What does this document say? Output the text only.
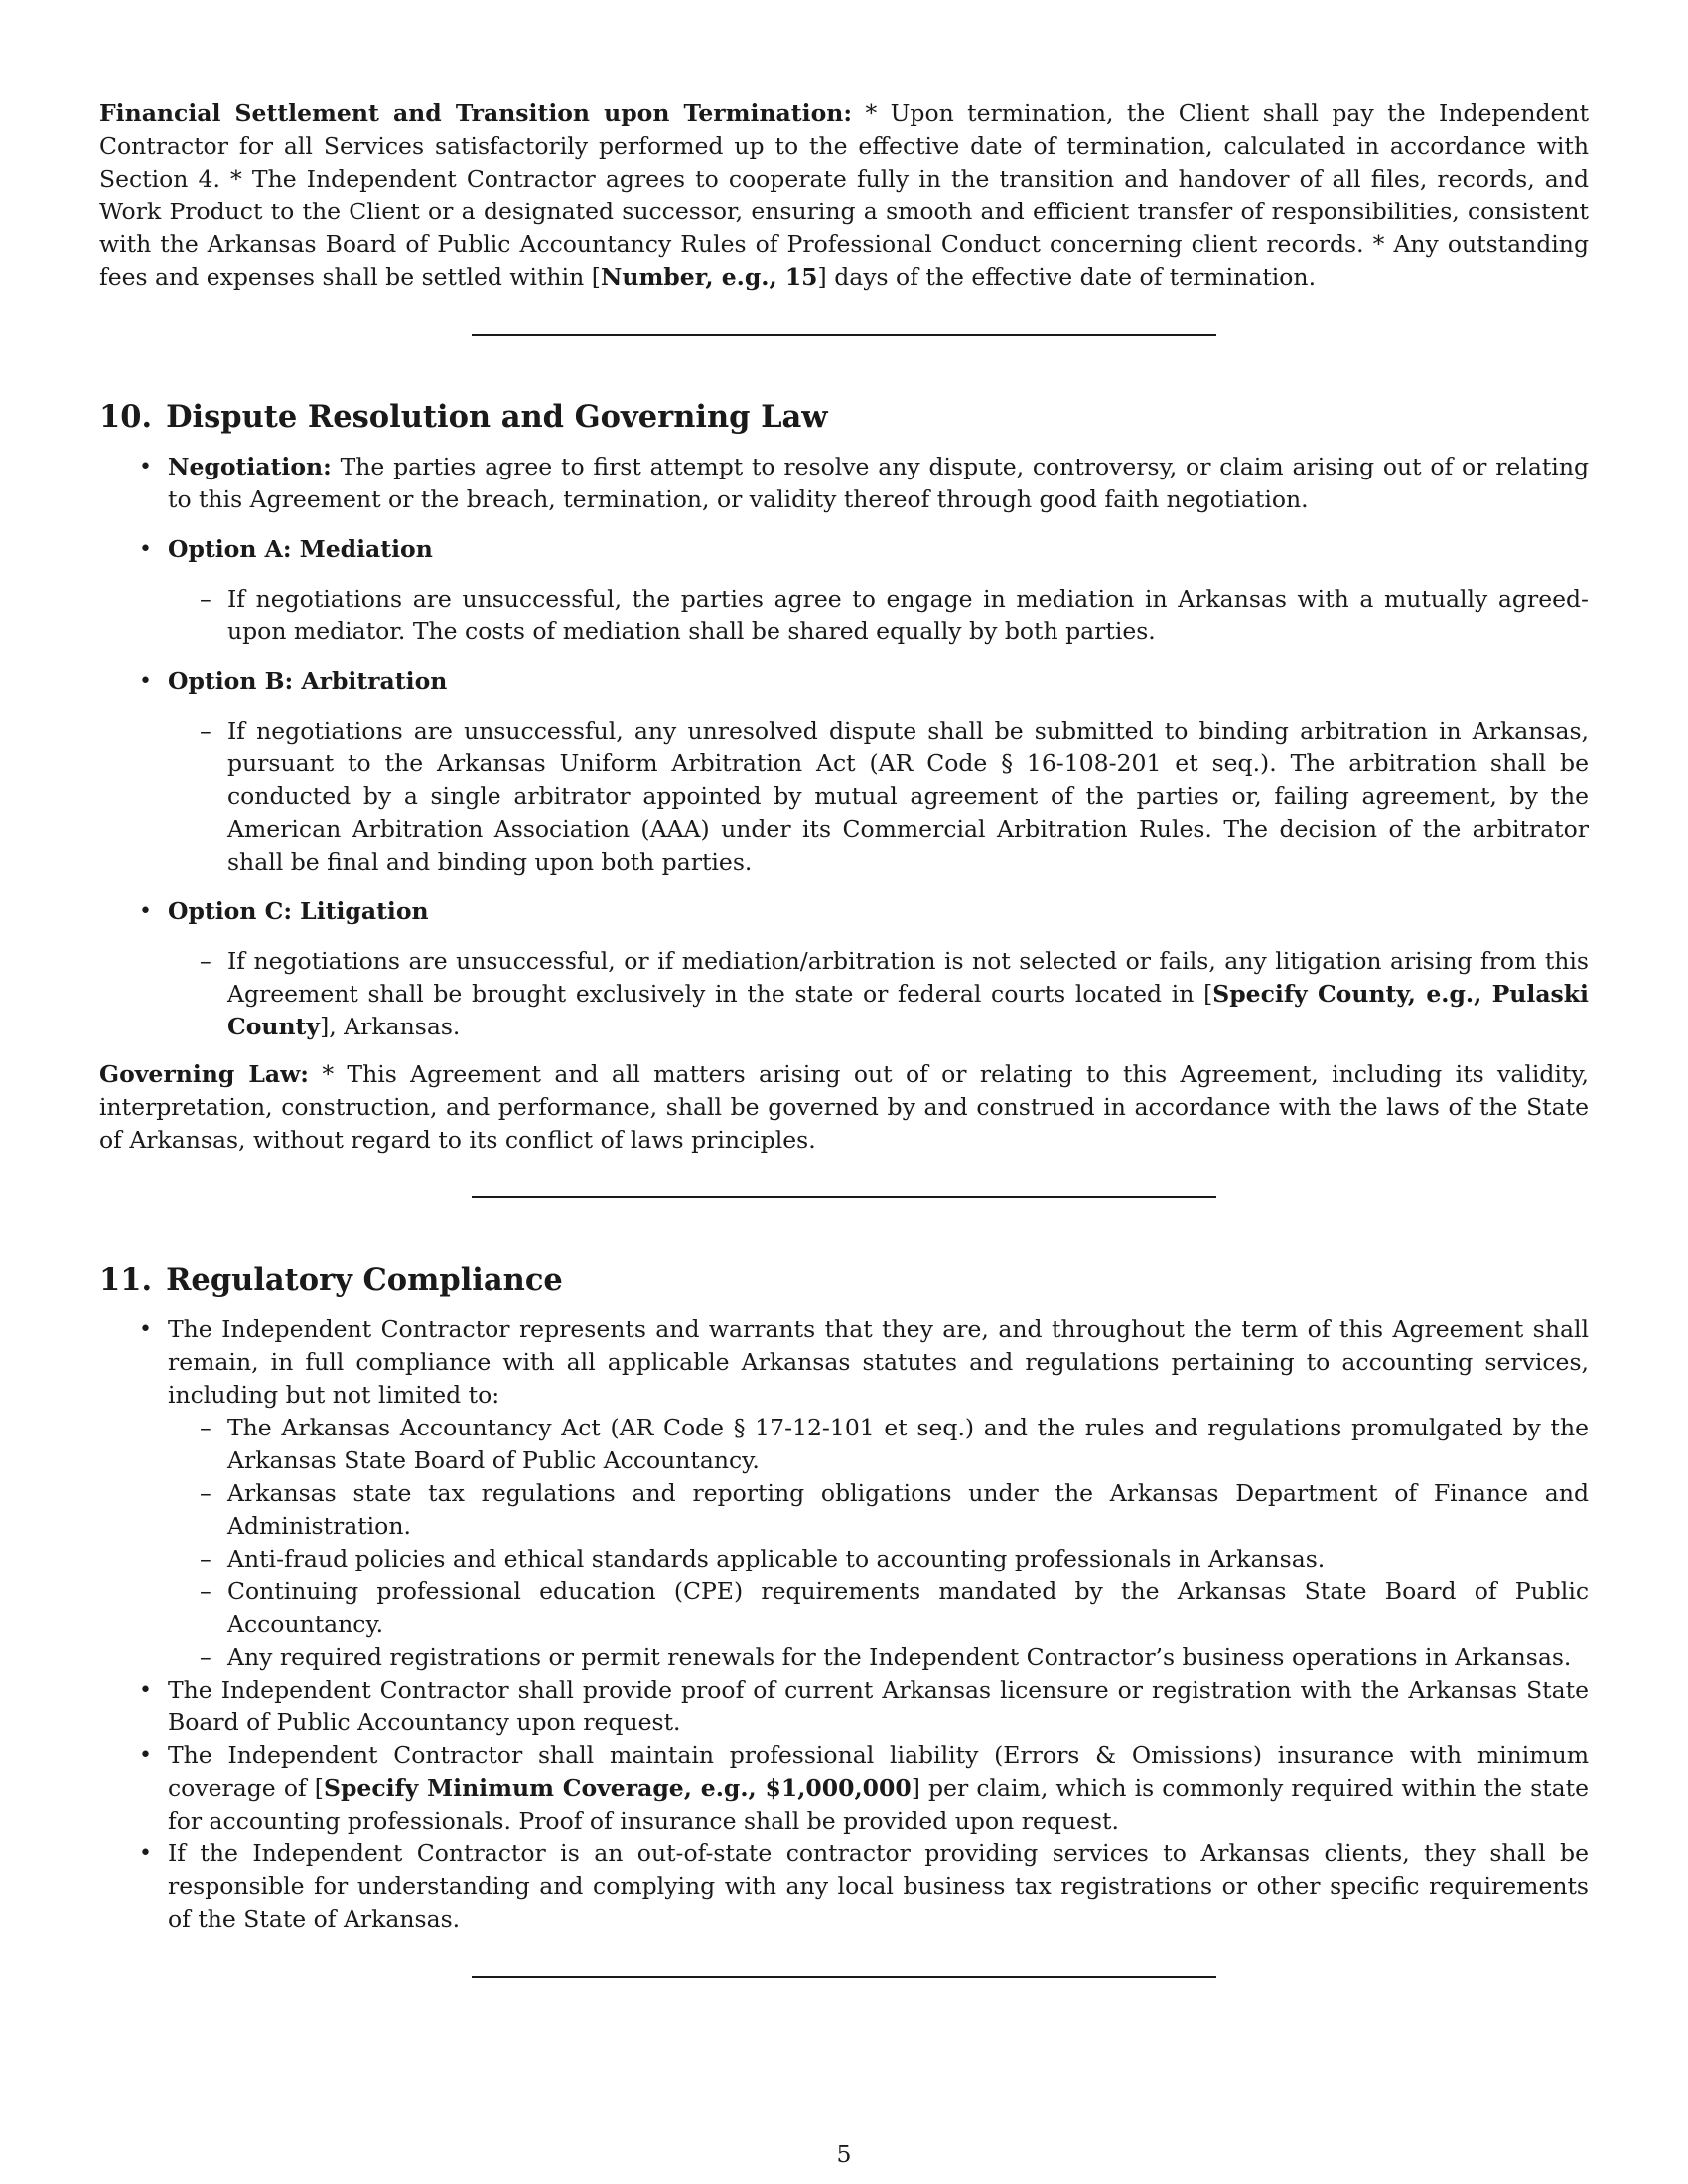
Financial Settlement and Transition upon Termination: * Upon termination, the Client shall pay the Independent Contractor for all Services satisfactorily performed up to the effective date of termination, calculated in accordance with Section 4. * The Independent Contractor agrees to cooperate fully in the transition and handover of all files, records, and Work Product to the Client or a designated successor, ensuring a smooth and efficient transfer of responsibilities, consistent with the Arkansas Board of Public Accountancy Rules of Professional Conduct concerning client records. * Any outstanding fees and expenses shall be settled within [Number, e.g., 15] days of the effective date of termination.

10. Dispute Resolution and Governing Law
• Negotiation: The parties agree to first attempt to resolve any dispute, controversy, or claim arising out of or relating to this Agreement or the breach, termination, or validity thereof through good faith negotiation.
• Option A: Mediation
– If negotiations are unsuccessful, the parties agree to engage in mediation in Arkansas with a mutually agreed-upon mediator. The costs of mediation shall be shared equally by both parties.
• Option B: Arbitration
– If negotiations are unsuccessful, any unresolved dispute shall be submitted to binding arbitration in Arkansas, pursuant to the Arkansas Uniform Arbitration Act (AR Code § 16-108-201 et seq.). The arbitration shall be conducted by a single arbitrator appointed by mutual agreement of the parties or, failing agreement, by the American Arbitration Association (AAA) under its Commercial Arbitration Rules. The decision of the arbitrator shall be final and binding upon both parties.
• Option C: Litigation
– If negotiations are unsuccessful, or if mediation/arbitration is not selected or fails, any litigation arising from this Agreement shall be brought exclusively in the state or federal courts located in [Specify County, e.g., Pulaski County], Arkansas.

Governing Law: * This Agreement and all matters arising out of or relating to this Agreement, including its validity, interpretation, construction, and performance, shall be governed by and construed in accordance with the laws of the State of Arkansas, without regard to its conflict of laws principles.

11. Regulatory Compliance
• The Independent Contractor represents and warrants that they are, and throughout the term of this Agreement shall remain, in full compliance with all applicable Arkansas statutes and regulations pertaining to accounting services, including but not limited to:
– The Arkansas Accountancy Act (AR Code § 17-12-101 et seq.) and the rules and regulations promulgated by the Arkansas State Board of Public Accountancy.
– Arkansas state tax regulations and reporting obligations under the Arkansas Department of Finance and Administration.
– Anti-fraud policies and ethical standards applicable to accounting professionals in Arkansas.
– Continuing professional education (CPE) requirements mandated by the Arkansas State Board of Public Accountancy.
– Any required registrations or permit renewals for the Independent Contractor’s business operations in Arkansas.
• The Independent Contractor shall provide proof of current Arkansas licensure or registration with the Arkansas State Board of Public Accountancy upon request.
• The Independent Contractor shall maintain professional liability (Errors & Omissions) insurance with minimum coverage of [Specify Minimum Coverage, e.g., $1,000,000] per claim, which is commonly required within the state for accounting professionals. Proof of insurance shall be provided upon request.
• If the Independent Contractor is an out-of-state contractor providing services to Arkansas clients, they shall be responsible for understanding and complying with any local business tax registrations or other specific requirements of the State of Arkansas.
5
